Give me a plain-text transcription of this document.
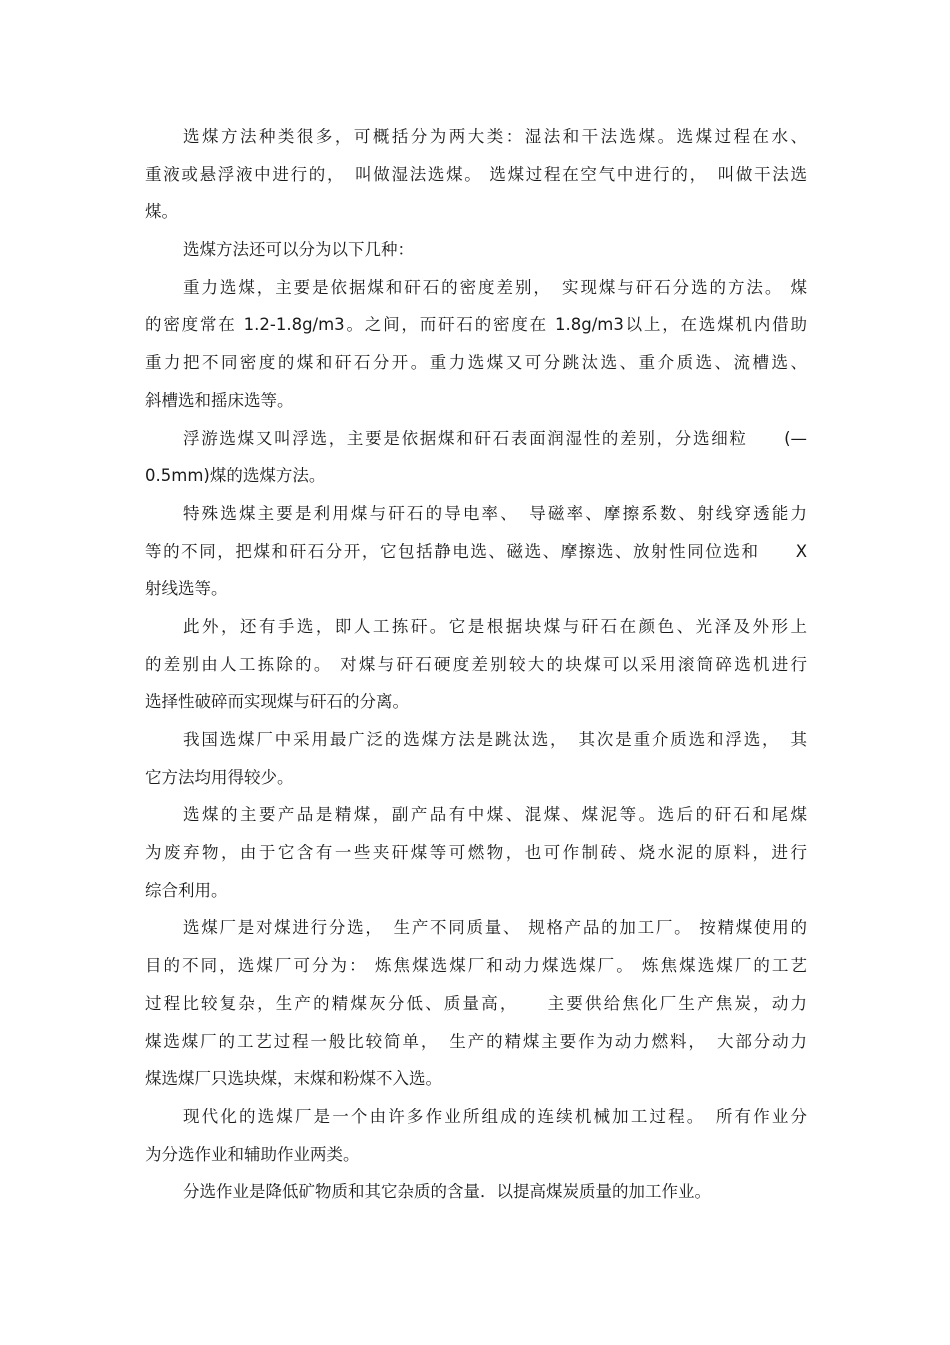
选煤方法种类很多，可概括分为两大类：湿法和干法选煤。选煤过程在水、
重液或悬浮液中进行的，　叫做湿法选煤。 选煤过程在空气中进行的，　叫做干法选
煤。
选煤方法还可以分为以下几种：
重力选煤，主要是依据煤和矸石的密度差别，　实现煤与矸石分选的方法。 煤
的密度常在 1.2-1.8g/m3。之间，而矸石的密度在 1.8g/m3以上，在选煤机内借助
重力把不同密度的煤和矸石分开。重力选煤又可分跳汰选、重介质选、流槽选、
斜槽选和摇床选等。
浮游选煤又叫浮选，主要是依据煤和矸石表面润湿性的差别，分选细粒　　(—
0.5mm)煤的选煤方法。
特殊选煤主要是利用煤与矸石的导电率、　导磁率、摩擦系数、射线穿透能力
等的不同，把煤和矸石分开，它包括静电选、磁选、摩擦选、放射性同位选和　　X
射线选等。
此外，还有手选，即人工拣矸。它是根据块煤与矸石在颜色、光泽及外形上
的差别由人工拣除的。 对煤与矸石硬度差别较大的块煤可以采用滚筒碎选机进行
选择性破碎而实现煤与矸石的分离。
我国选煤厂中采用最广泛的选煤方法是跳汰选，　其次是重介质选和浮选，　其
它方法均用得较少。
选煤的主要产品是精煤，副产品有中煤、混煤、煤泥等。选后的矸石和尾煤
为废弃物，由于它含有一些夹矸煤等可燃物，也可作制砖、烧水泥的原料，进行
综合利用。
选煤厂是对煤进行分选，　生产不同质量、 规格产品的加工厂。 按精煤使用的
目的不同，选煤厂可分为： 炼焦煤选煤厂和动力煤选煤厂。 炼焦煤选煤厂的工艺
过程比较复杂，生产的精煤灰分低、质量高，　　主要供给焦化厂生产焦炭，动力
煤选煤厂的工艺过程一般比较简单，　生产的精煤主要作为动力燃料，　大部分动力
煤选煤厂只选块煤，末煤和粉煤不入选。
现代化的选煤厂是一个由许多作业所组成的连续机械加工过程。　所有作业分
为分选作业和辅助作业两类。
分选作业是降低矿物质和其它杂质的含量．以提高煤炭质量的加工作业。
